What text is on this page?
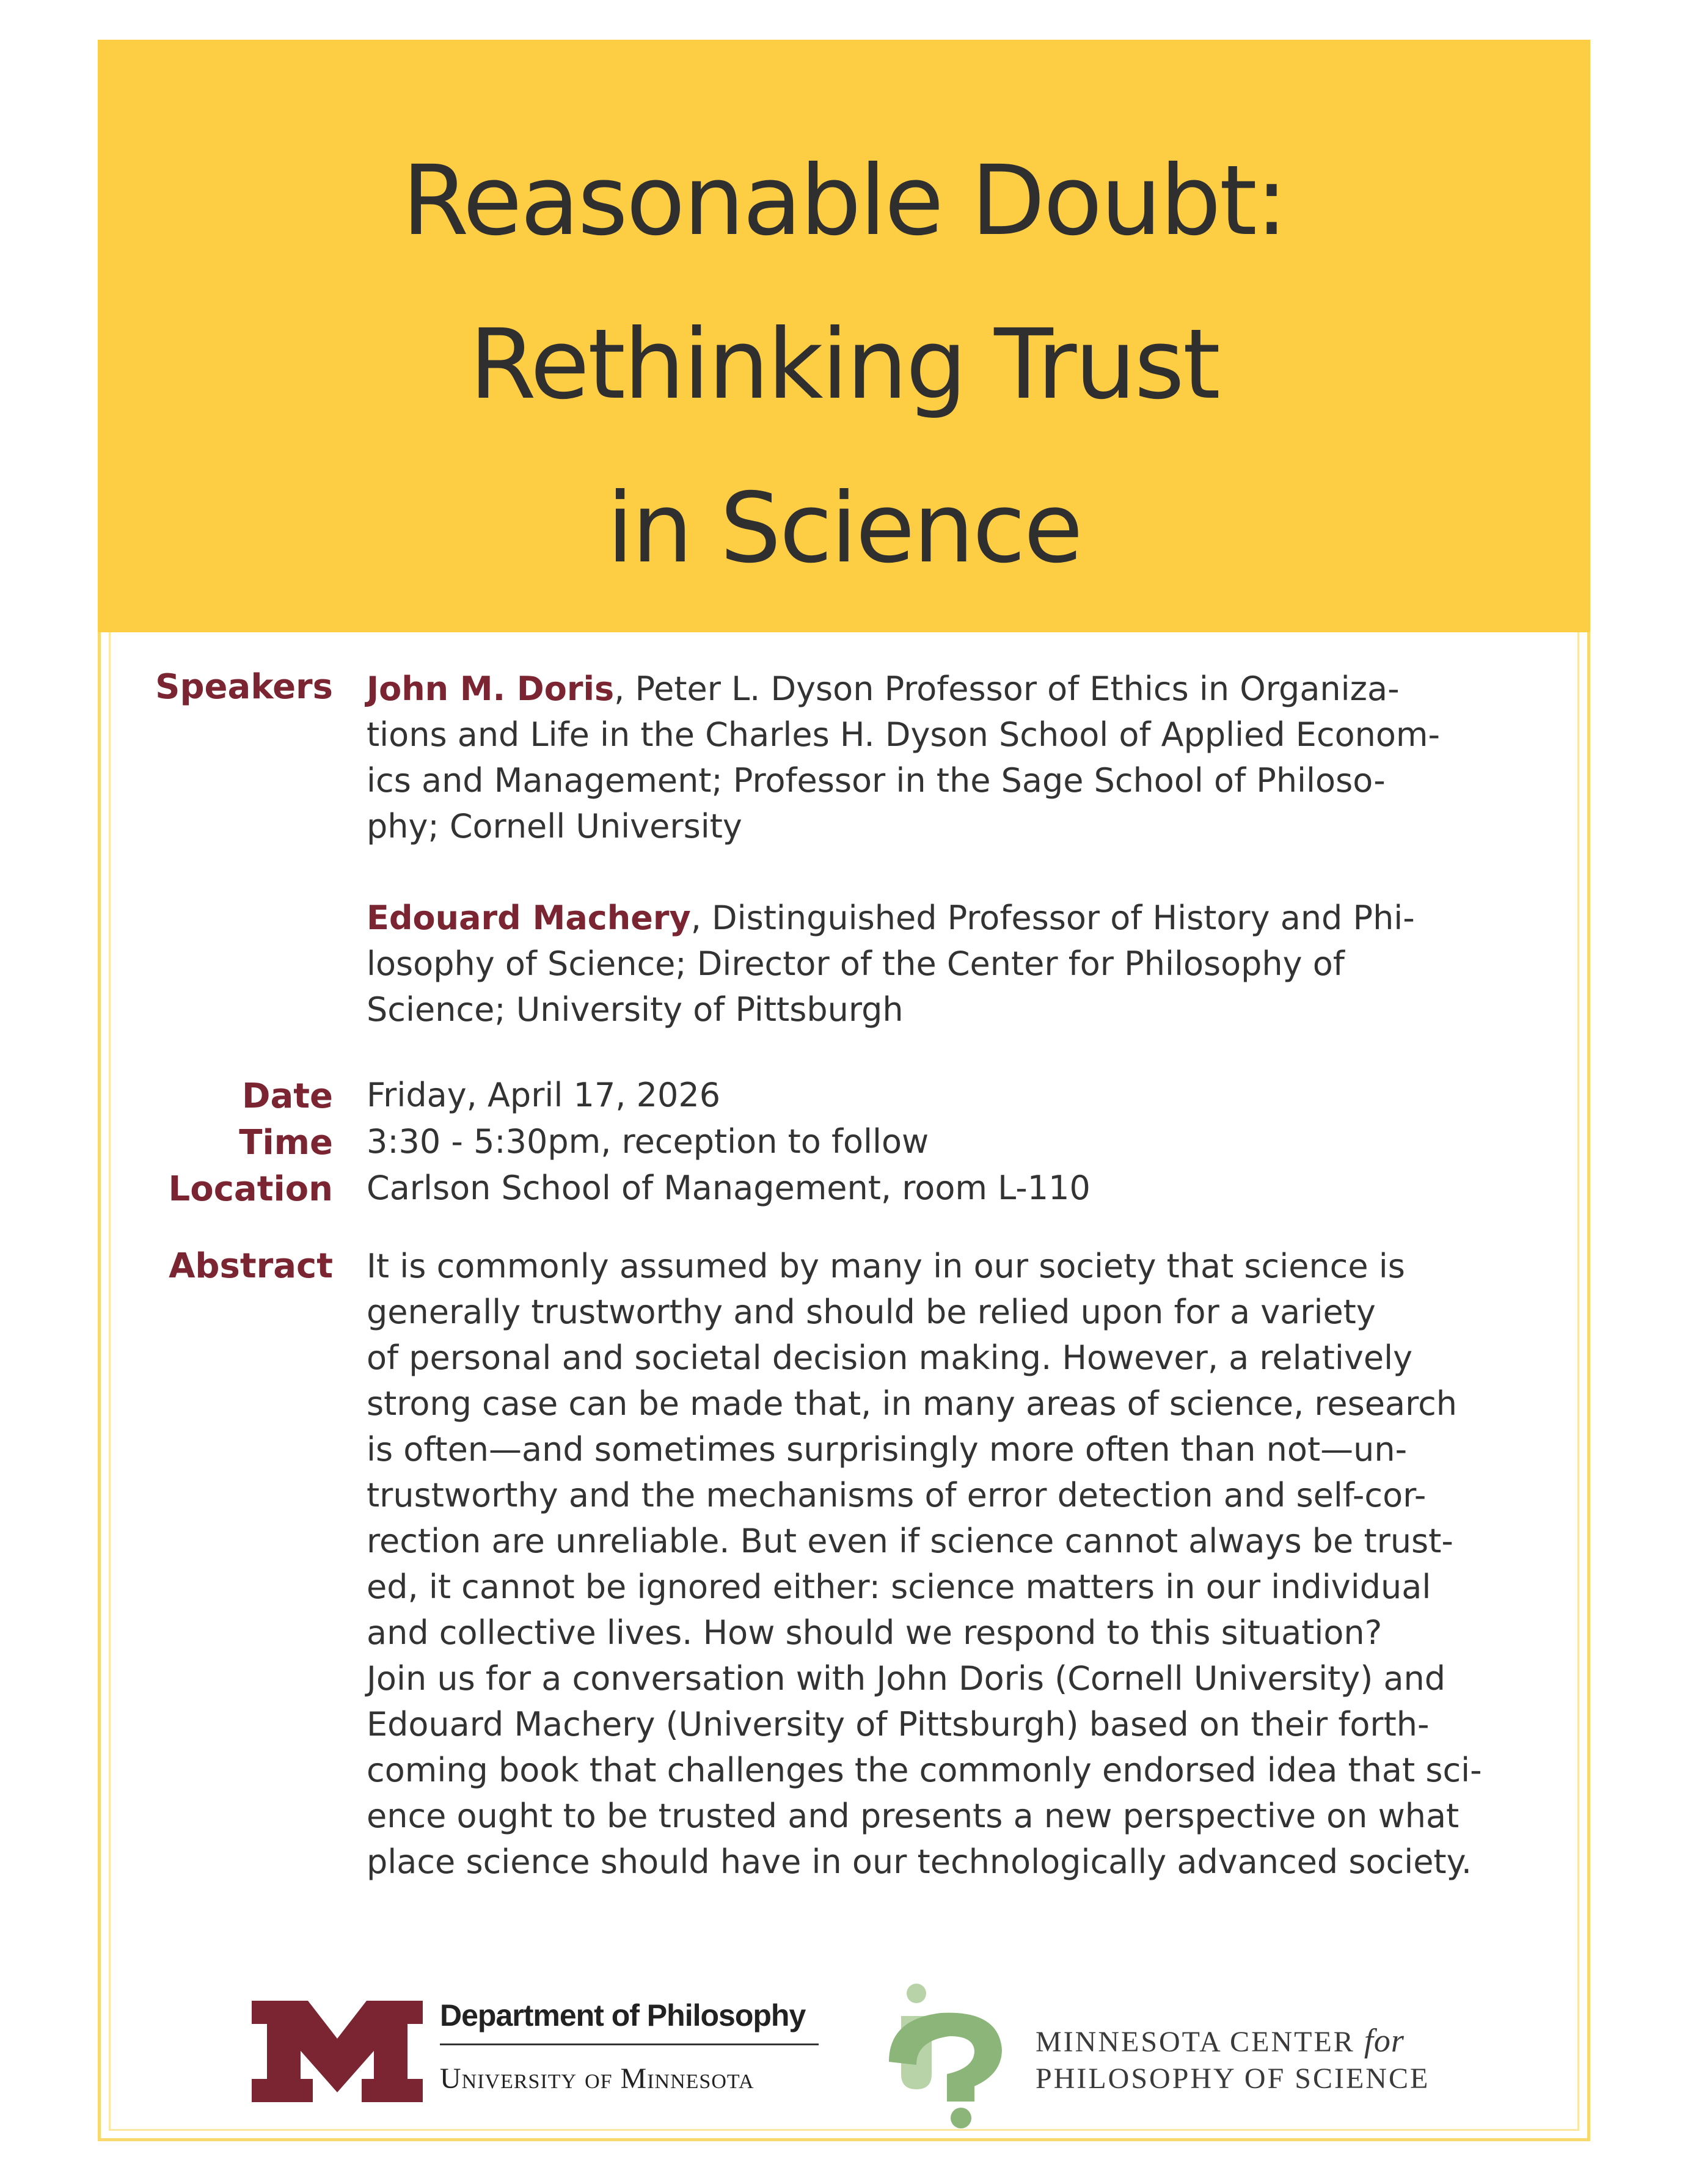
Reasonable Doubt:
Rethinking Trust
in Science
Speakers John M. Doris, Peter L. Dyson Professor of Ethics in Organiza-
tions and Life in the Charles H. Dyson School of Applied Econom-
ics and Management; Professor in the Sage School of Philoso-
phy; Cornell University
Edouard Machery, Distinguished Professor of History and Phi-
losophy of Science; Director of the Center for Philosophy of
Science; University of Pittsburgh
Date Friday, April 17, 2026
Time 3:30 - 5:30pm, reception to follow
Location Carlson School of Management, room L-110
Abstract It is commonly assumed by many in our society that science is
generally trustworthy and should be relied upon for a variety
of personal and societal decision making. However, a relatively
strong case can be made that, in many areas of science, research
is often—and sometimes surprisingly more often than not—un-
trustworthy and the mechanisms of error detection and self-cor-
rection are unreliable. But even if science cannot always be trust-
ed, it cannot be ignored either: science matters in our individual
and collective lives. How should we respond to this situation?
Join us for a conversation with John Doris (Cornell University) and
Edouard Machery (University of Pittsburgh) based on their forth-
coming book that challenges the commonly endorsed idea that sci-
ence ought to be trusted and presents a new perspective on what
place science should have in our technologically advanced society.
Department of Philosophy
University of Minnesota
MINNESOTA CENTER for
PHILOSOPHY OF SCIENCE
